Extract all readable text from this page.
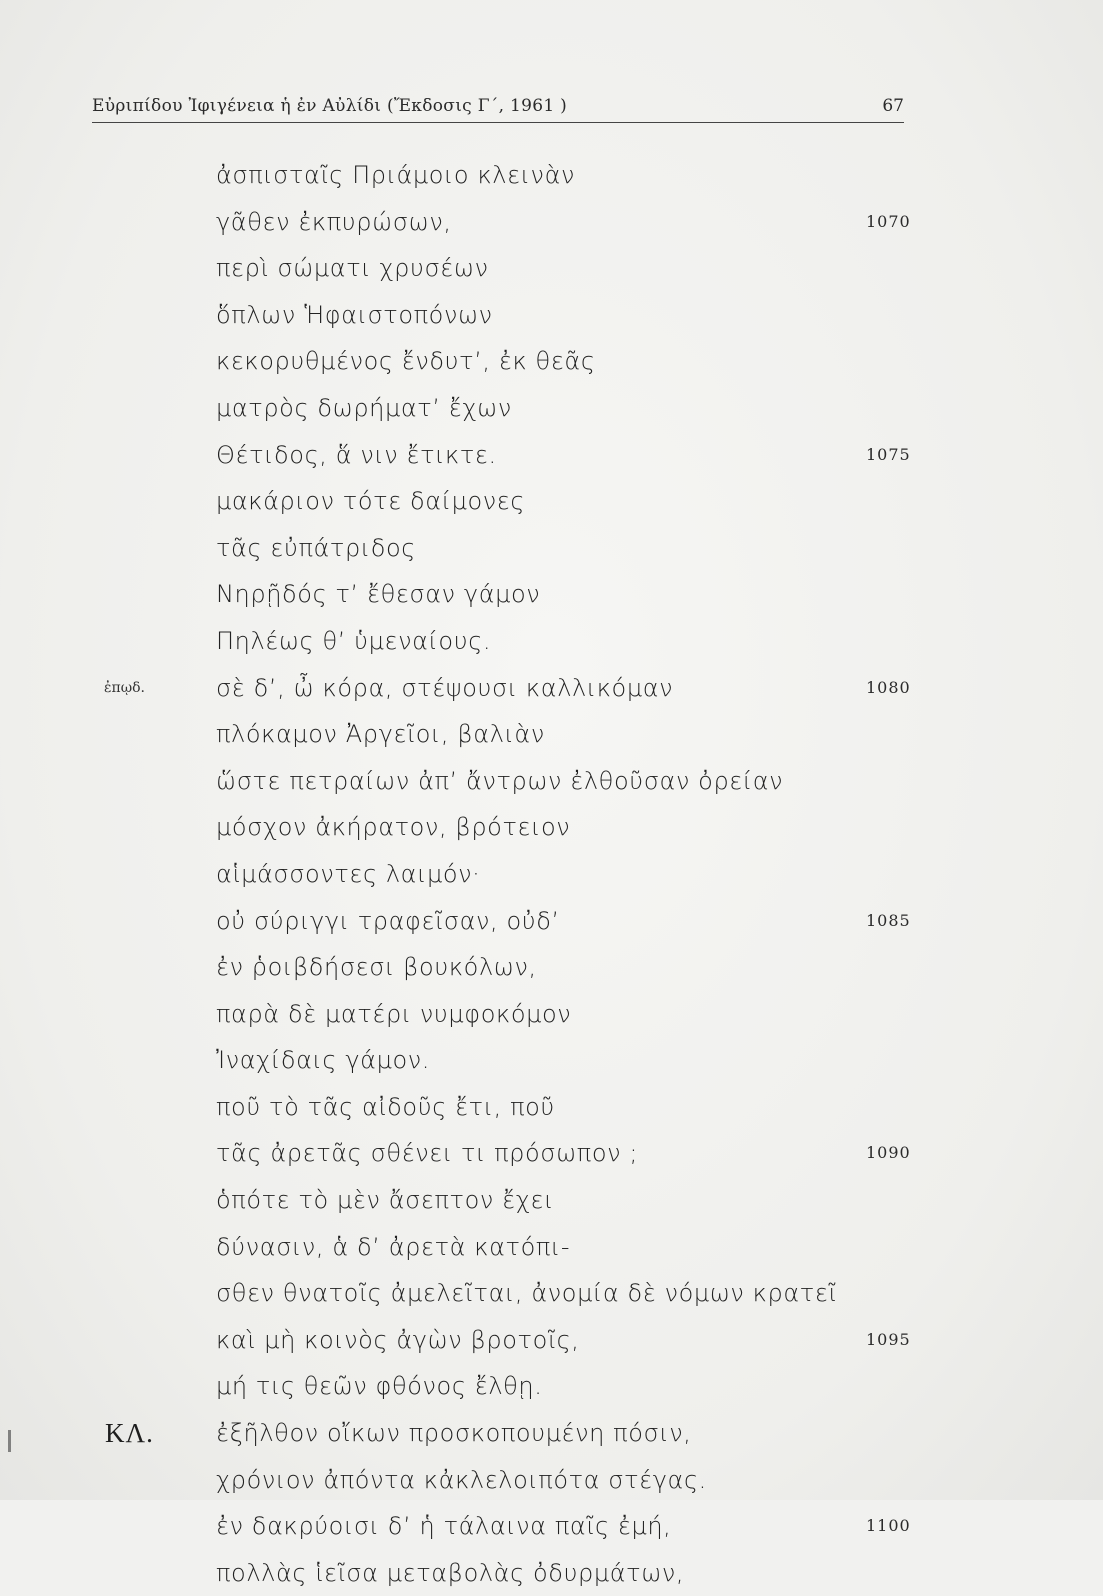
Εὐριπίδου Ἰφιγένεια ἡ ἐν Αὐλίδι (Ἔκδοσις Γ΄, 1961 )	67
ἀσπισταῖς Πριάμοιο κλεινὰν
γᾶθεν ἐκπυρώσων,	1070
περὶ σώματι χρυσέων
ὅπλων Ἡφαιστοπόνων
κεκορυθμένος ἔνδυτ’, ἐκ θεᾶς
ματρὸς δωρήματ’ ἔχων
Θέτιδος, ἅ νιν ἔτικτε.	1075
μακάριον τότε δαίμονες
τᾶς εὐπάτριδος
Νηρῇδός τ’ ἔθεσαν γάμον
Πηλέως θ’ ὑμεναίους.
ἐπῳδ.	σὲ δ’, ὦ κόρα, στέψουσι καλλικόμαν	1080
πλόκαμον Ἀργεῖοι, βαλιὰν
ὥστε πετραίων ἀπ’ ἄντρων ἐλθοῦσαν ὀρείαν
μόσχον ἀκήρατον, βρότειον
αἱμάσσοντες λαιμόν·
οὐ σύριγγι τραφεῖσαν, οὐδ’	1085
ἐν ῥοιβδήσεσι βουκόλων,
παρὰ δὲ ματέρι νυμφοκόμον
Ἰναχίδαις γάμον.
ποῦ τὸ τᾶς αἰδοῦς ἔτι, ποῦ
τᾶς ἀρετᾶς σθένει τι πρόσωπον ;	1090
ὁπότε τὸ μὲν ἄσεπτον ἔχει
δύνασιν, ἁ δ’ ἀρετὰ κατόπι-
σθεν θνατοῖς ἀμελεῖται, ἀνομία δὲ νόμων κρατεῖ
καὶ μὴ κοινὸς ἀγὼν βροτοῖς,	1095
μή τις θεῶν φθόνος ἔλθῃ.
ΚΛ.	ἐξῆλθον οἴκων προσκοπουμένη πόσιν,
χρόνιον ἀπόντα κἀκλελοιπότα στέγας.
ἐν δακρύοισι δ’ ἡ τάλαινα παῖς ἐμή,	1100
πολλὰς ἱεῖσα μεταβολὰς ὀδυρμάτων,
